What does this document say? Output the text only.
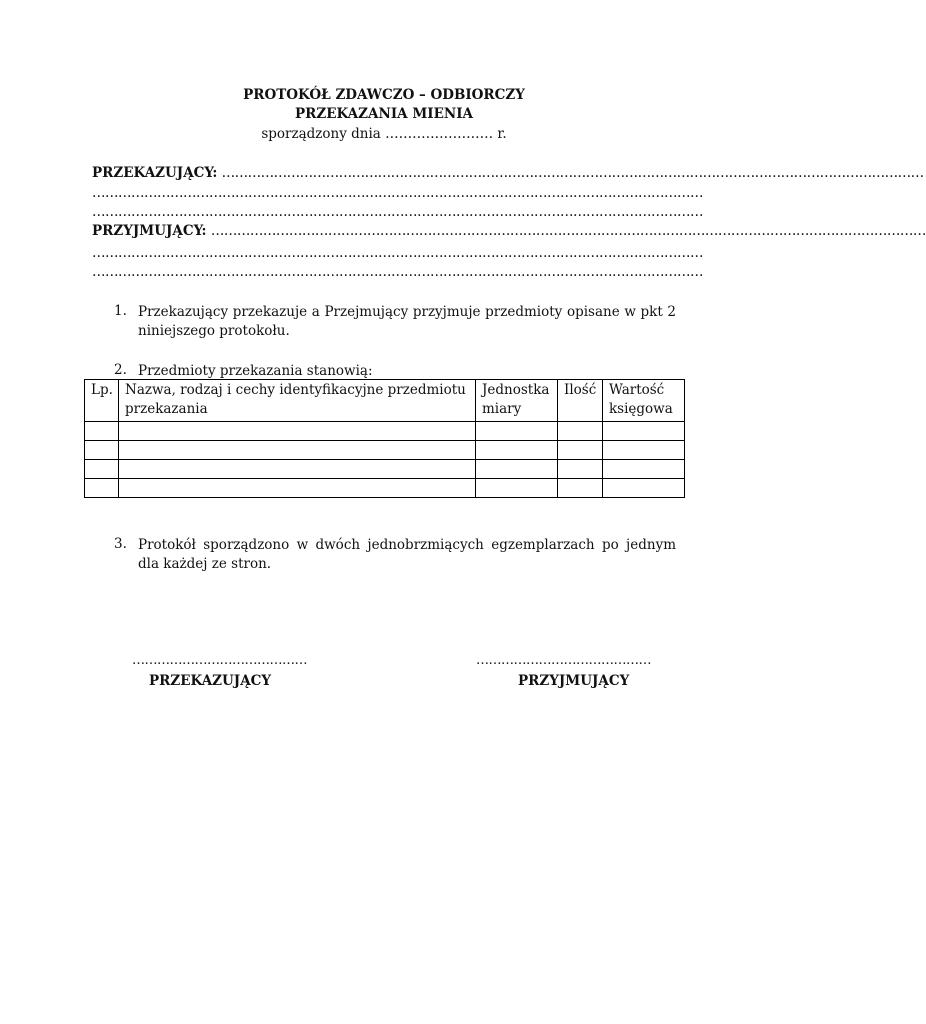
PROTOKÓŁ ZDAWCZO – ODBIORCZY
PRZEKAZANIA MIENIA
sporządzony dnia …………………… r.
PRZEKAZUJĄCY: ………………………………………………………………………………………………………………………………………………
……………………………………………………………………………………………………………………………
……………………………………………………………………………………………………………………………
PRZYJMUJĄCY: …………………………………………………………………………………………………………………………………………………
……………………………………………………………………………………………………………………………
……………………………………………………………………………………………………………………………
1. Przekazujący przekazuje a Przejmujący przyjmuje przedmioty opisane w pkt 2 niniejszego protokołu.
2. Przedmioty przekazania stanowią:
Lp.	Nazwa, rodzaj i cechy identyfikacyjne przedmiotu przekazania	Jednostka miary	Ilość	Wartość księgowa

3. Protokół sporządzono w dwóch jednobrzmiących egzemplarzach po jednym dla każdej ze stron.
……………………………………
PRZEKAZUJĄCY
……………………………………
PRZYJMUJĄCY
